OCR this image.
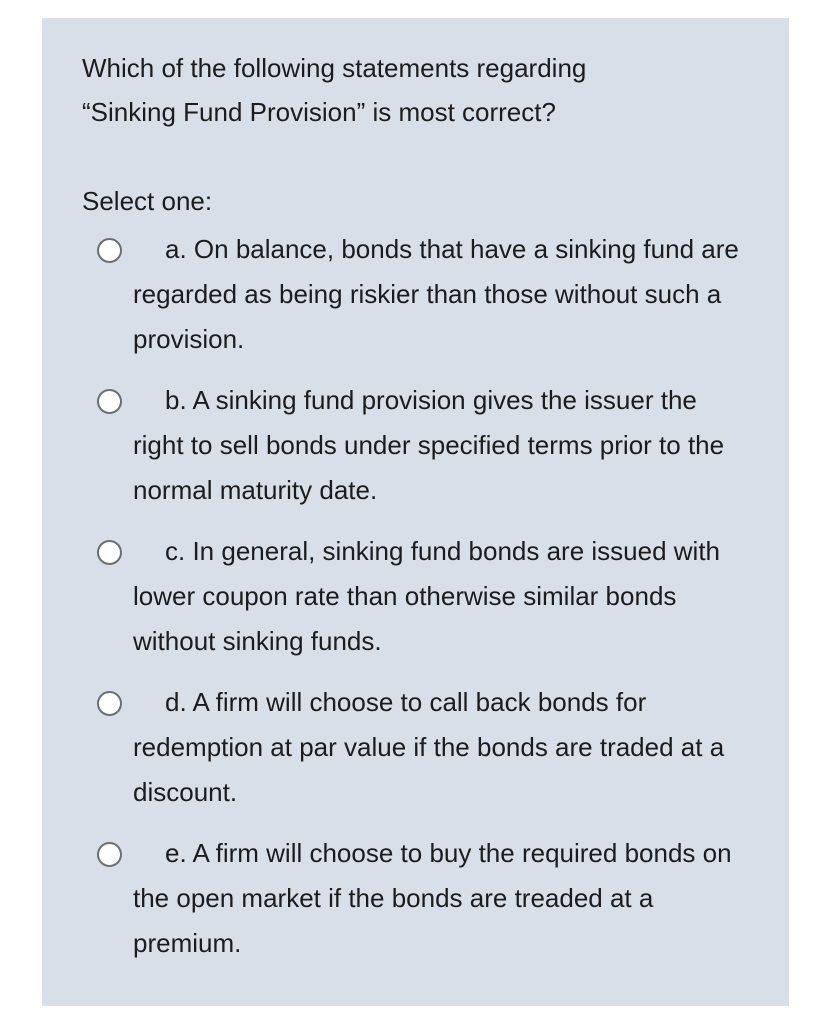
Which of the following statements regarding
“Sinking Fund Provision” is most correct?

Select one:

a. On balance, bonds that have a sinking fund are regarded as being riskier than those without such a provision.
b. A sinking fund provision gives the issuer the right to sell bonds under specified terms prior to the normal maturity date.
c. In general, sinking fund bonds are issued with lower coupon rate than otherwise similar bonds without sinking funds.
d. A firm will choose to call back bonds for redemption at par value if the bonds are traded at a discount.
e. A firm will choose to buy the required bonds on the open market if the bonds are treaded at a premium.
